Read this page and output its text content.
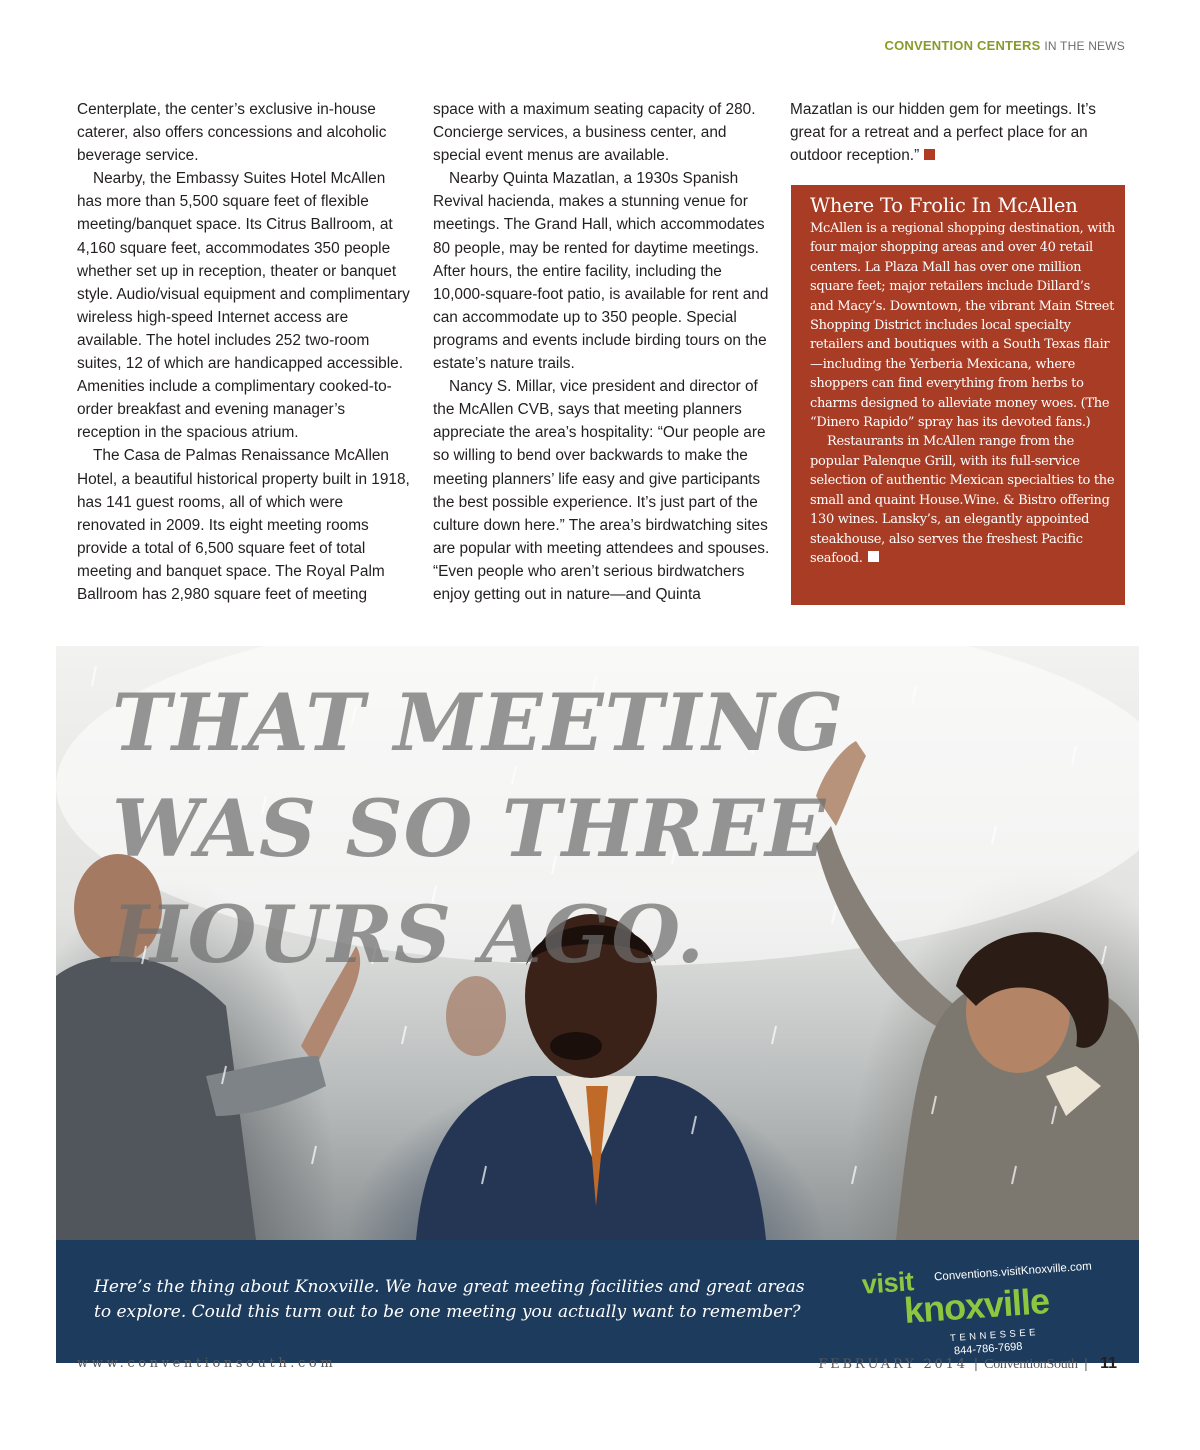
CONVENTION CENTERS IN THE NEWS

Centerplate, the center’s exclusive in-house caterer, also offers concessions and alcoholic beverage service.

Nearby, the Embassy Suites Hotel McAllen has more than 5,500 square feet of flexible meeting/banquet space. Its Citrus Ballroom, at 4,160 square feet, accommodates 350 people whether set up in reception, theater or banquet style. Audio/visual equipment and complimentary wireless high-speed Internet access are available. The hotel includes 252 two-room suites, 12 of which are handicapped accessible. Amenities include a complimentary cooked-to-order breakfast and evening manager’s reception in the spacious atrium.

The Casa de Palmas Renaissance McAllen Hotel, a beautiful historical property built in 1918, has 141 guest rooms, all of which were renovated in 2009. Its eight meeting rooms provide a total of 6,500 square feet of total meeting and banquet space. The Royal Palm Ballroom has 2,980 square feet of meeting

space with a maximum seating capacity of 280. Concierge services, a business center, and special event menus are available.

Nearby Quinta Mazatlan, a 1930s Spanish Revival hacienda, makes a stunning venue for meetings. The Grand Hall, which accommodates 80 people, may be rented for daytime meetings. After hours, the entire facility, including the 10,000-square-foot patio, is available for rent and can accommodate up to 350 people. Special programs and events include birding tours on the estate’s nature trails.

Nancy S. Millar, vice president and director of the McAllen CVB, says that meeting planners appreciate the area’s hospitality: “Our people are so willing to bend over backwards to make the meeting planners’ life easy and give participants the best possible experience. It’s just part of the culture down here.” The area’s birdwatching sites are popular with meeting attendees and spouses. “Even people who aren’t serious birdwatchers enjoy getting out in nature—and Quinta

Mazatlan is our hidden gem for meetings. It’s great for a retreat and a perfect place for an outdoor reception.”

Where To Frolic In McAllen

McAllen is a regional shopping destination, with four major shopping areas and over 40 retail centers. La Plaza Mall has over one million square feet; major retailers include Dillard’s and Macy’s. Downtown, the vibrant Main Street Shopping District includes local specialty retailers and boutiques with a South Texas flair—including the Yerberia Mexicana, where shoppers can find everything from herbs to charms designed to alleviate money woes. (The “Dinero Rapido” spray has its devoted fans.)

Restaurants in McAllen range from the popular Palenque Grill, with its full-service selection of authentic Mexican specialties to the small and quaint House.Wine. & Bistro offering 130 wines. Lansky’s, an elegantly appointed steakhouse, also serves the freshest Pacific seafood.

THAT MEETING
WAS SO THREE
HOURS AGO.
Here’s the thing about Knoxville. We have great meeting facilities and great areas
to explore. Could this turn out to be one meeting you actually want to remember?
visit Conventions.visitKnoxville.com
knoxville
TENNESSEE
844-786-7698
www.conventionsouth.com	FEBRUARY 2014 | ConventionSouth | 11
